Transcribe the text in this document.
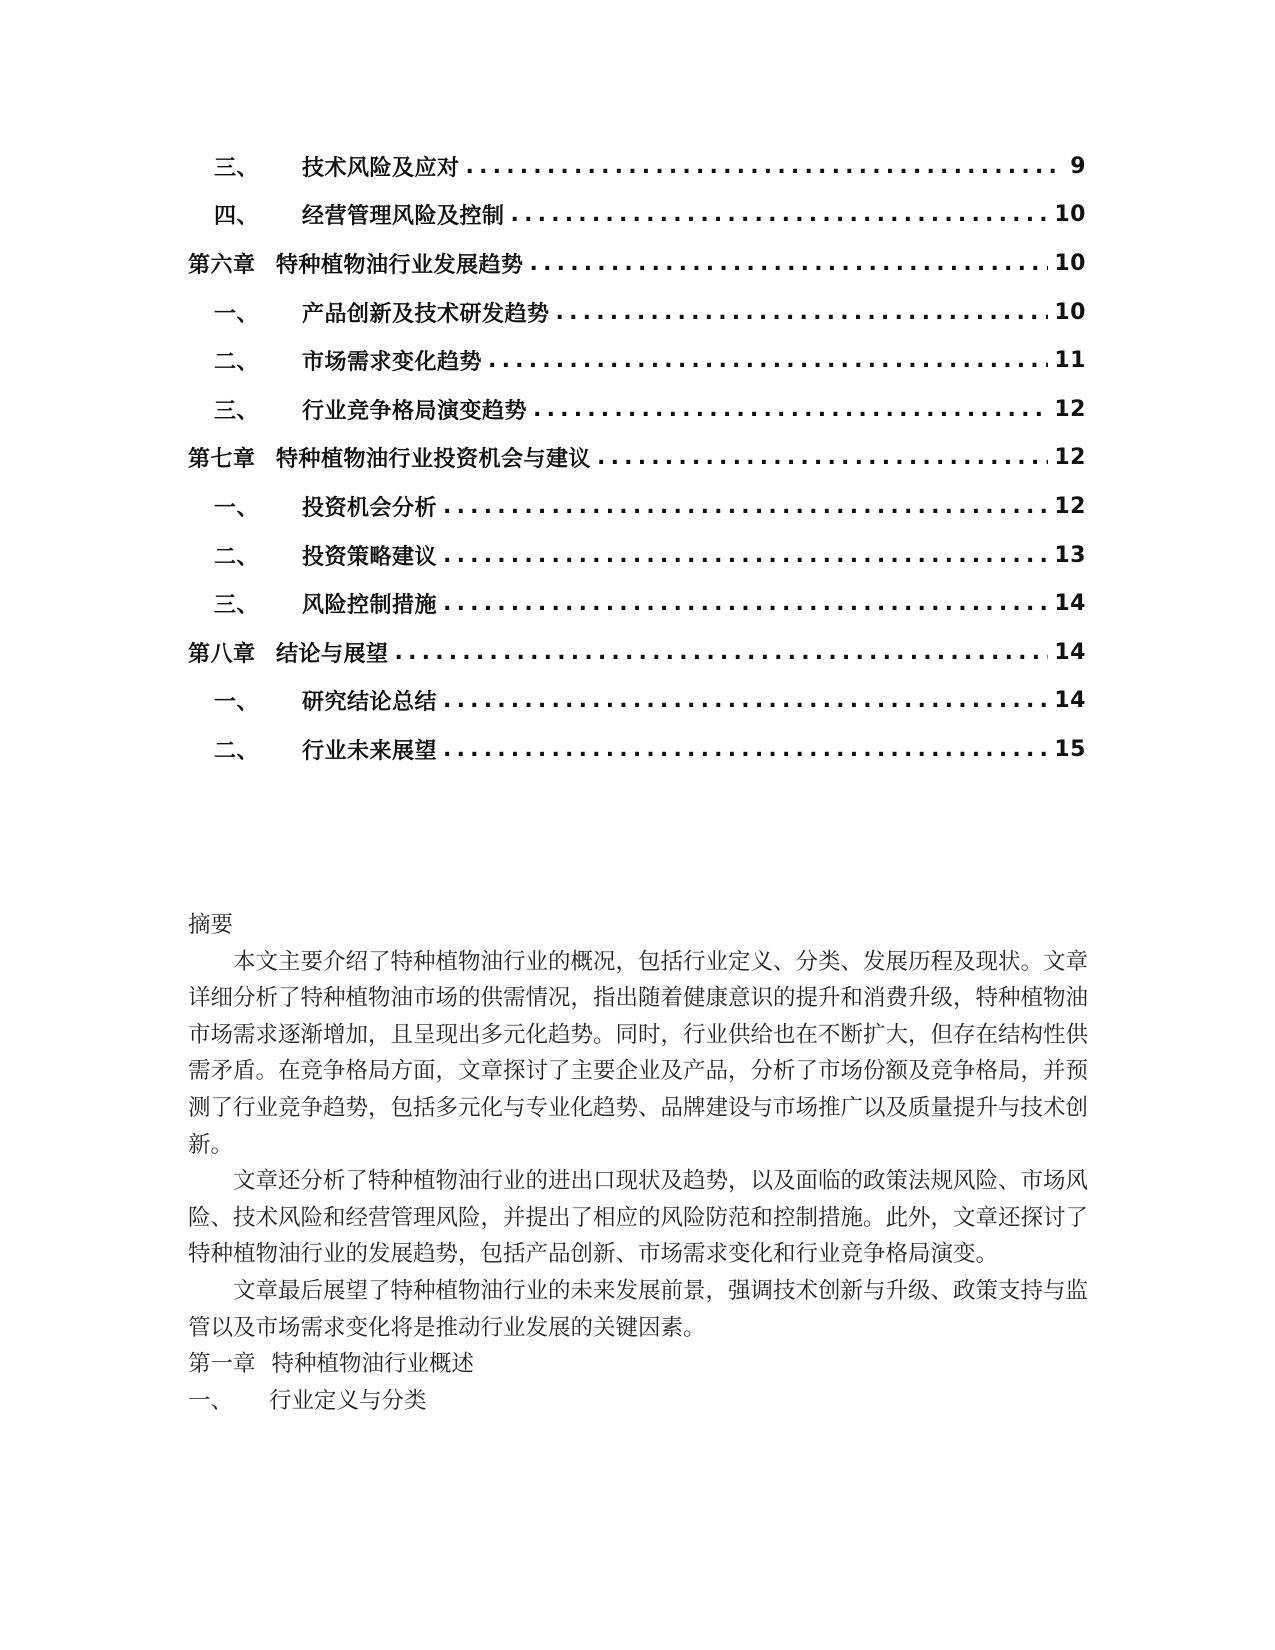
三、	技术风险及应对 .....	9
四、	经营管理风险及控制 .....	10
第六章 特种植物油行业发展趋势 .....	10
一、	产品创新及技术研发趋势 .....	10
二、	市场需求变化趋势 .....	11
三、	行业竞争格局演变趋势 .....	12
第七章 特种植物油行业投资机会与建议 .....	12
一、	投资机会分析 .....	12
二、	投资策略建议 .....	13
三、	风险控制措施 .....	14
第八章 结论与展望 .....	14
一、	研究结论总结 .....	14
二、	行业未来展望 .....	15

摘要

本文主要介绍了特种植物油行业的概况，包括行业定义、分类、发展历程及现状。文章详细分析了特种植物油市场的供需情况，指出随着健康意识的提升和消费升级，特种植物油市场需求逐渐增加，且呈现出多元化趋势。同时，行业供给也在不断扩大，但存在结构性供需矛盾。在竞争格局方面，文章探讨了主要企业及产品，分析了市场份额及竞争格局，并预测了行业竞争趋势，包括多元化与专业化趋势、品牌建设与市场推广以及质量提升与技术创新。

文章还分析了特种植物油行业的进出口现状及趋势，以及面临的政策法规风险、市场风险、技术风险和经营管理风险，并提出了相应的风险防范和控制措施。此外，文章还探讨了特种植物油行业的发展趋势，包括产品创新、市场需求变化和行业竞争格局演变。

文章最后展望了特种植物油行业的未来发展前景，强调技术创新与升级、政策支持与监管以及市场需求变化将是推动行业发展的关键因素。

第一章 特种植物油行业概述

一、 行业定义与分类
